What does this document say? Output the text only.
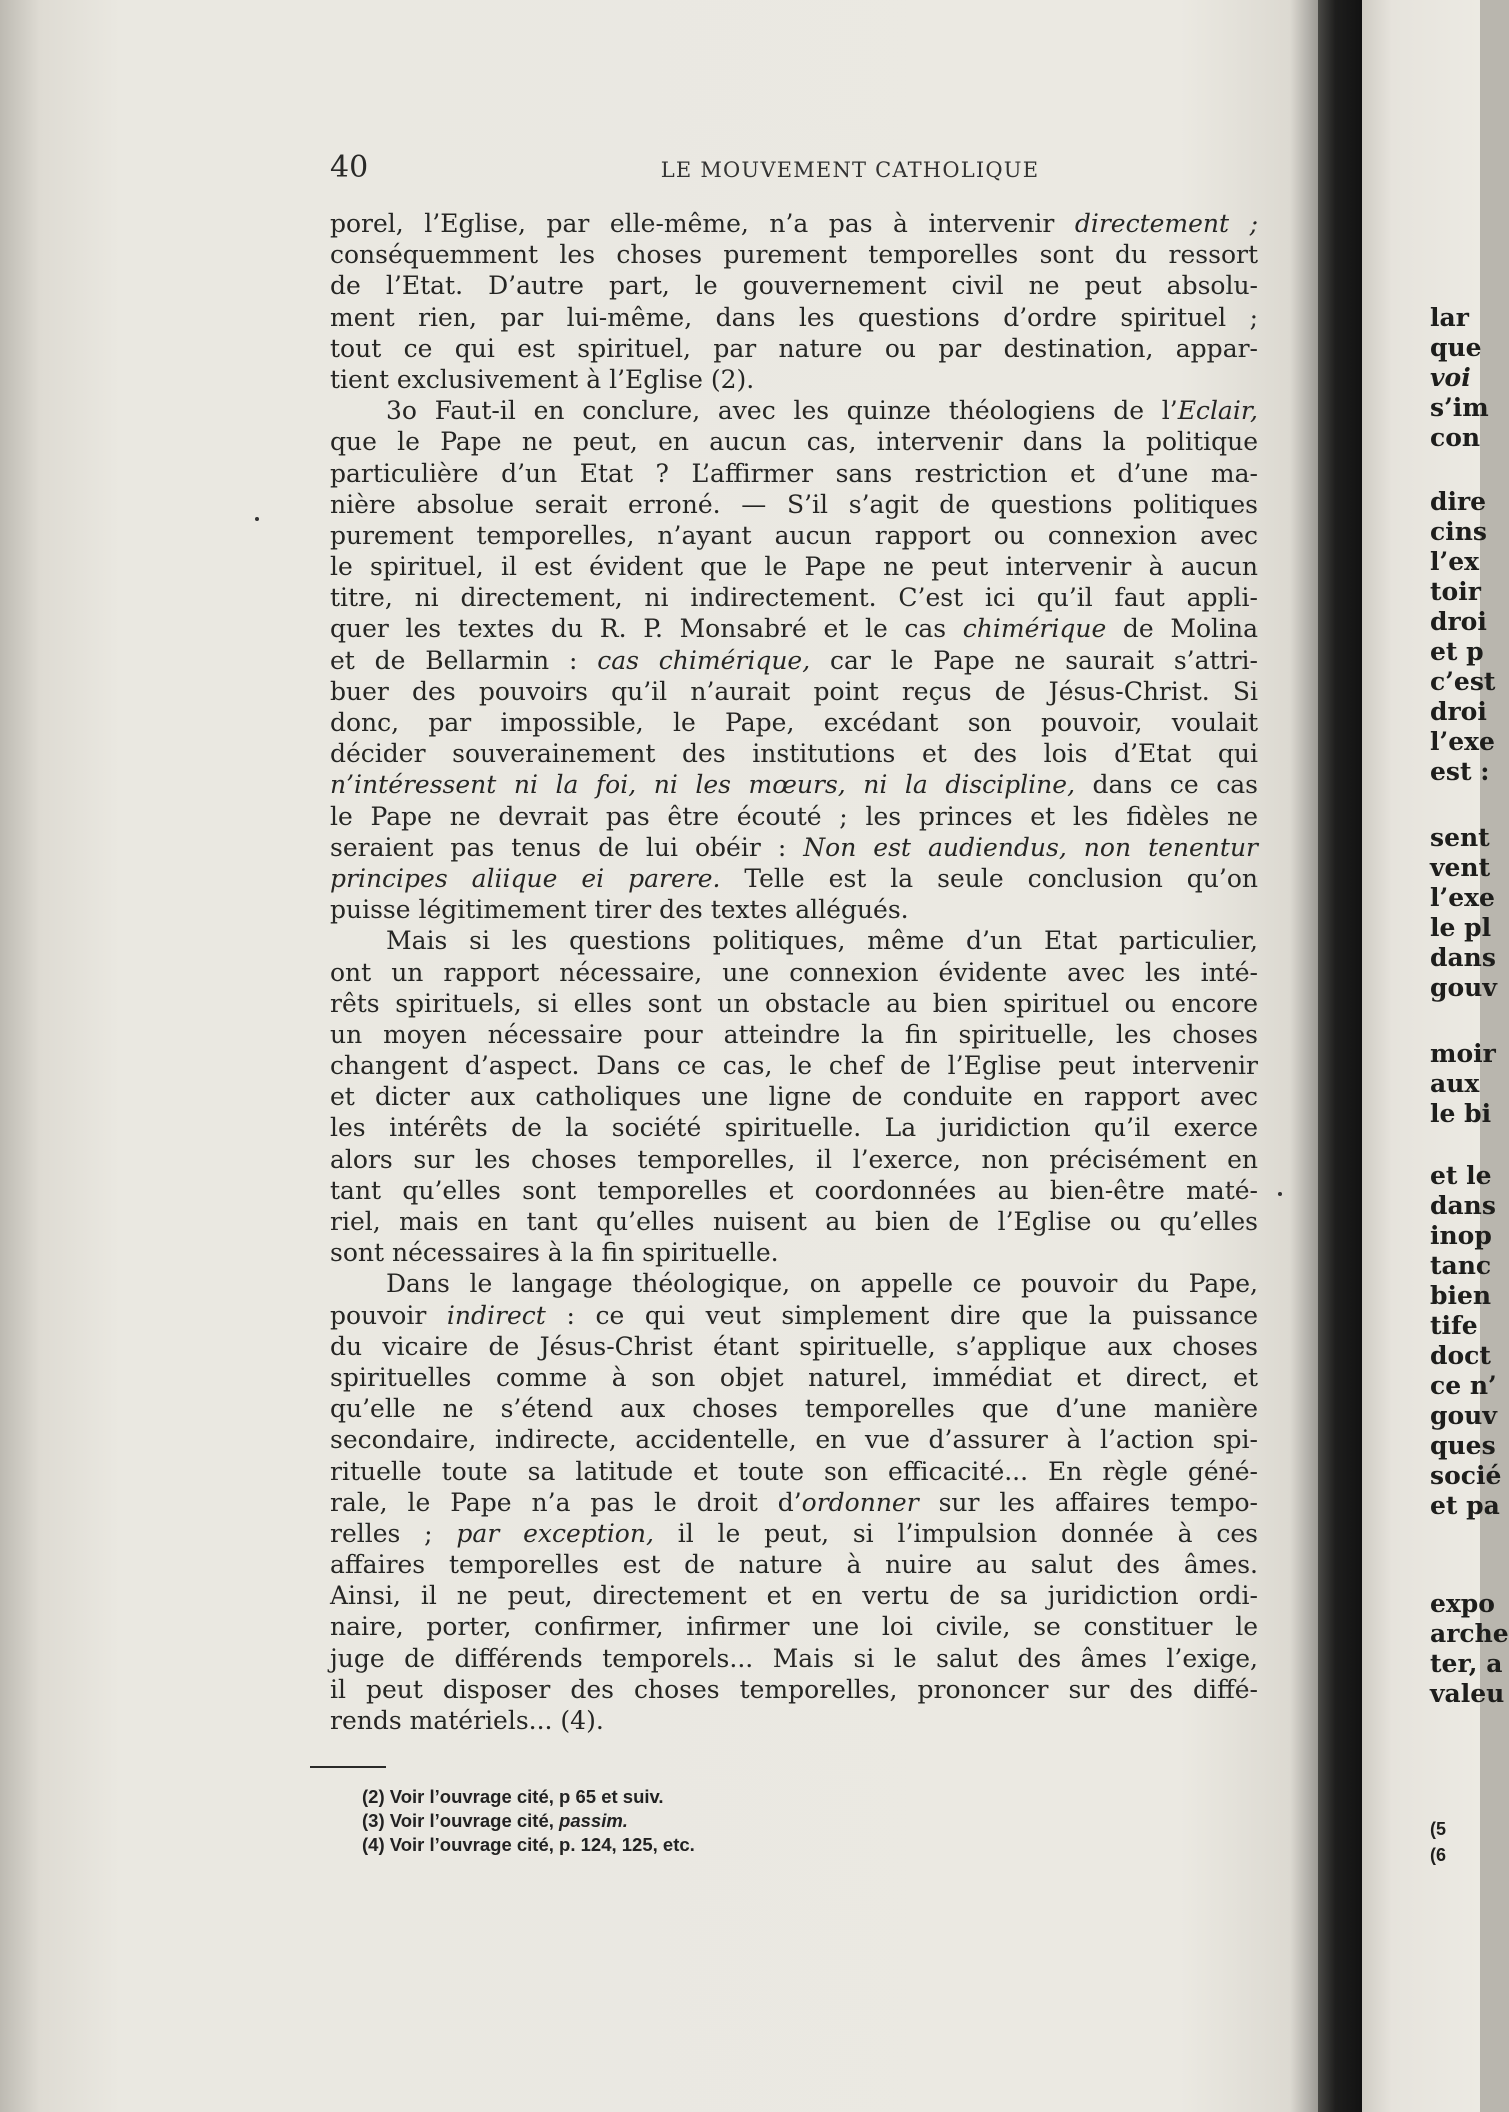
40	LE MOUVEMENT CATHOLIQUE
porel, l’Eglise, par elle-même, n’a pas à intervenir directement ;
conséquemment les choses purement temporelles sont du ressort
de l’Etat. D’autre part, le gouvernement civil ne peut absolu-
ment rien, par lui-même, dans les questions d’ordre spirituel ;
tout ce qui est spirituel, par nature ou par destination, appar-
tient exclusivement à l’Eglise (2).
3o Faut-il en conclure, avec les quinze théologiens de l’Eclair,
que le Pape ne peut, en aucun cas, intervenir dans la politique
particulière d’un Etat ? L’affirmer sans restriction et d’une ma-
nière absolue serait erroné. — S’il s’agit de questions politiques
purement temporelles, n’ayant aucun rapport ou connexion avec
le spirituel, il est évident que le Pape ne peut intervenir à aucun
titre, ni directement, ni indirectement. C’est ici qu’il faut appli-
quer les textes du R. P. Monsabré et le cas chimérique de Molina
et de Bellarmin : cas chimérique, car le Pape ne saurait s’attri-
buer des pouvoirs qu’il n’aurait point reçus de Jésus-Christ. Si
donc, par impossible, le Pape, excédant son pouvoir, voulait
décider souverainement des institutions et des lois d’Etat qui
n’intéressent ni la foi, ni les mœurs, ni la discipline, dans ce cas
le Pape ne devrait pas être écouté ; les princes et les fidèles ne
seraient pas tenus de lui obéir : Non est audiendus, non tenentur
principes aliique ei parere. Telle est la seule conclusion qu’on
puisse légitimement tirer des textes allégués.
Mais si les questions politiques, même d’un Etat particulier,
ont un rapport nécessaire, une connexion évidente avec les inté-
rêts spirituels, si elles sont un obstacle au bien spirituel ou encore
un moyen nécessaire pour atteindre la fin spirituelle, les choses
changent d’aspect. Dans ce cas, le chef de l’Eglise peut intervenir
et dicter aux catholiques une ligne de conduite en rapport avec
les intérêts de la société spirituelle. La juridiction qu’il exerce
alors sur les choses temporelles, il l’exerce, non précisément en
tant qu’elles sont temporelles et coordonnées au bien-être maté-
riel, mais en tant qu’elles nuisent au bien de l’Eglise ou qu’elles
sont nécessaires à la fin spirituelle.
Dans le langage théologique, on appelle ce pouvoir du Pape,
pouvoir indirect : ce qui veut simplement dire que la puissance
du vicaire de Jésus-Christ étant spirituelle, s’applique aux choses
spirituelles comme à son objet naturel, immédiat et direct, et
qu’elle ne s’étend aux choses temporelles que d’une manière
secondaire, indirecte, accidentelle, en vue d’assurer à l’action spi-
rituelle toute sa latitude et toute son efficacité... En règle géné-
rale, le Pape n’a pas le droit d’ordonner sur les affaires tempo-
relles ; par exception, il le peut, si l’impulsion donnée à ces
affaires temporelles est de nature à nuire au salut des âmes.
Ainsi, il ne peut, directement et en vertu de sa juridiction ordi-
naire, porter, confirmer, infirmer une loi civile, se constituer le
juge de différends temporels... Mais si le salut des âmes l’exige,
il peut disposer des choses temporelles, prononcer sur des diffé-
rends matériels... (4).
(2) Voir l’ouvrage cité, p 65 et suiv.
(3) Voir l’ouvrage cité, passim.
(4) Voir l’ouvrage cité, p. 124, 125, etc.
lar
que
voi
s’im
con
dire
cins
l’ex
toir
droi
et p
c’est
droi
l’exe
est :
sent
vent
l’exe
le pl
dans
gouv
moir
aux
le bi
et le
dans
inop
tanc
bien
tife
doct
ce n’
gouv
ques
socié
et pa
expo
arche
ter, a
valeu
(5
(6
